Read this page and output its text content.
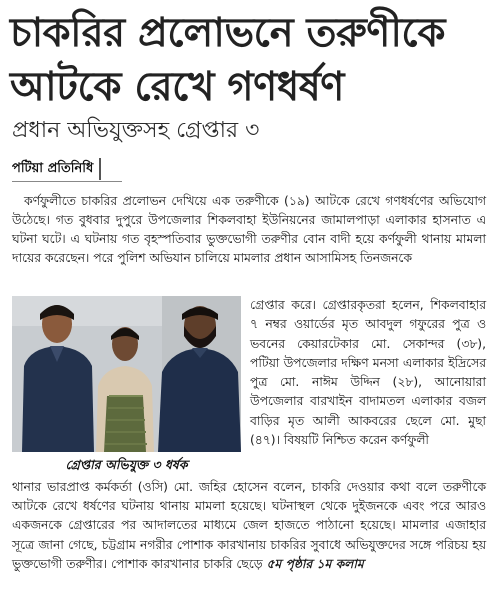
চাকরির প্রলোভনে তরুণীকে
আটকে রেখে গণধর্ষণ
প্রধান অভিযুক্তসহ গ্রেপ্তার ৩
পটিয়া প্রতিনিধি

কর্ণফুলীতে চাকরির প্রলোভন দেখিয়ে এক তরুণীকে (১৯) আটকে রেখে গণধর্ষণের অভিযোগ উঠেছে। গত বুধবার দুপুরে উপজেলার শিকলবাহা ইউনিয়নের জামালপাড়া এলাকার হাসনাত এ ঘটনা ঘটে। এ ঘটনায় গত বৃহস্পতিবার ভুক্তভোগী তরুণীর বোন বাদী হয়ে কর্ণফুলী থানায় মামলা দায়ের করেছেন। পরে পুলিশ অভিযান চালিয়ে মামলার প্রধান আসামিসহ তিনজনকে

গ্রেপ্তার অভিযুক্ত ৩ ধর্ষক
গ্রেপ্তার করে। গ্রেপ্তারকৃতরা হলেন, শিকলবাহার ৭ নম্বর ওয়ার্ডের মৃত আবদুল গফুরের পুত্র ও ভবনের কেয়ারটেকার মো. সেকান্দর (৩৮), পটিয়া উপজেলার দক্ষিণ মনসা এলাকার ইদ্রিসের পুত্র মো. নাঈম উদ্দিন (২৮), আনোয়ারা উপজেলার বারখাইন বাদামতল এলাকার বজল বাড়ির মৃত আলী আকবরের ছেলে মো. মুছা (৪৭)। বিষয়টি নিশ্চিত করেন কর্ণফুলী
থানার ভারপ্রাপ্ত কর্মকর্তা (ওসি) মো. জহির হোসেন বলেন, চাকরি দেওয়ার কথা বলে তরুণীকে আটকে রেখে ধর্ষণের ঘটনায় থানায় মামলা হয়েছে। ঘটনাস্থল থেকে দুইজনকে এবং পরে আরও একজনকে গ্রেপ্তারের পর আদালতের মাধ্যমে জেল হাজতে পাঠানো হয়েছে। মামলার এজাহার সূত্রে জানা গেছে, চট্টগ্রাম নগরীর পোশাক কারখানায় চাকরির সুবাধে অভিযুক্তদের সঙ্গে পরিচয় হয় ভুক্তভোগী তরুণীর। পোশাক কারখানার চাকরি ছেড়ে ৫ম পৃষ্ঠার ১ম কলাম
